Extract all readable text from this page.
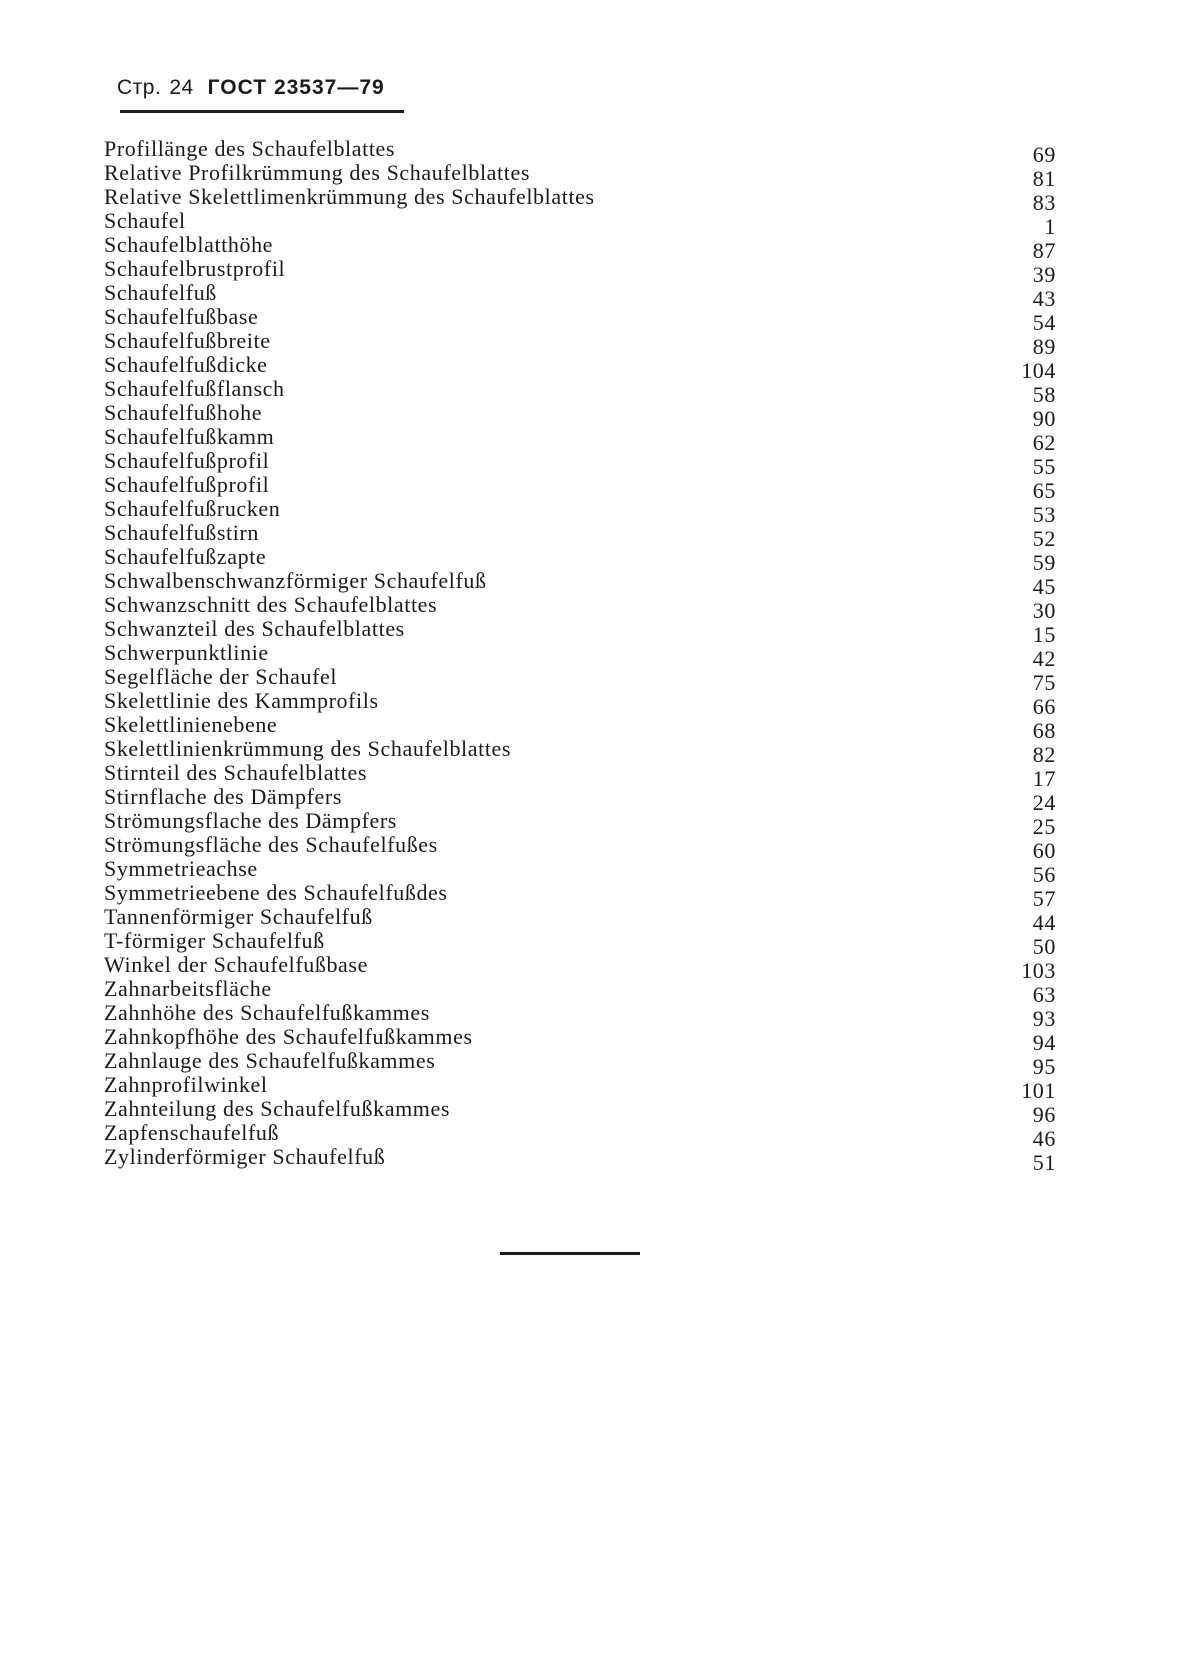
Стр. 24 ГОСТ 23537—79
Profillänge des Schaufelblattes	69
Relative Profilkrümmung des Schaufelblattes	81
Relative Skelettlimenkrümmung des Schaufelblattes	83
Schaufel	1
Schaufelblatthöhe	87
Schaufelbrustprofil	39
Schaufelfuß	43
Schaufelfußbase	54
Schaufelfußbreite	89
Schaufelfußdicke	104
Schaufelfußflansch	58
Schaufelfußhohe	90
Schaufelfußkamm	62
Schaufelfußprofil	55
Schaufelfußprofil	65
Schaufelfußrucken	53
Schaufelfußstirn	52
Schaufelfußzapte	59
Schwalbenschwanzförmiger Schaufelfuß	45
Schwanzschnitt des Schaufelblattes	30
Schwanzteil des Schaufelblattes	15
Schwerpunktlinie	42
Segelfläche der Schaufel	75
Skelettlinie des Kammprofils	66
Skelettlinienebene	68
Skelettlinienkrümmung des Schaufelblattes	82
Stirnteil des Schaufelblattes	17
Stirnflache des Dämpfers	24
Strömungsflache des Dämpfers	25
Strömungsfläche des Schaufelfußes	60
Symmetrieachse	56
Symmetrieebene des Schaufelfußdes	57
Tannenförmiger Schaufelfuß	44
T-förmiger Schaufelfuß	50
Winkel der Schaufelfußbase	103
Zahnarbeitsfläche	63
Zahnhöhe des Schaufelfußkammes	93
Zahnkopfhöhe des Schaufelfußkammes	94
Zahnlauge des Schaufelfußkammes	95
Zahnprofilwinkel	101
Zahnteilung des Schaufelfußkammes	96
Zapfenschaufelfuß	46
Zylinderförmiger Schaufelfuß	51
